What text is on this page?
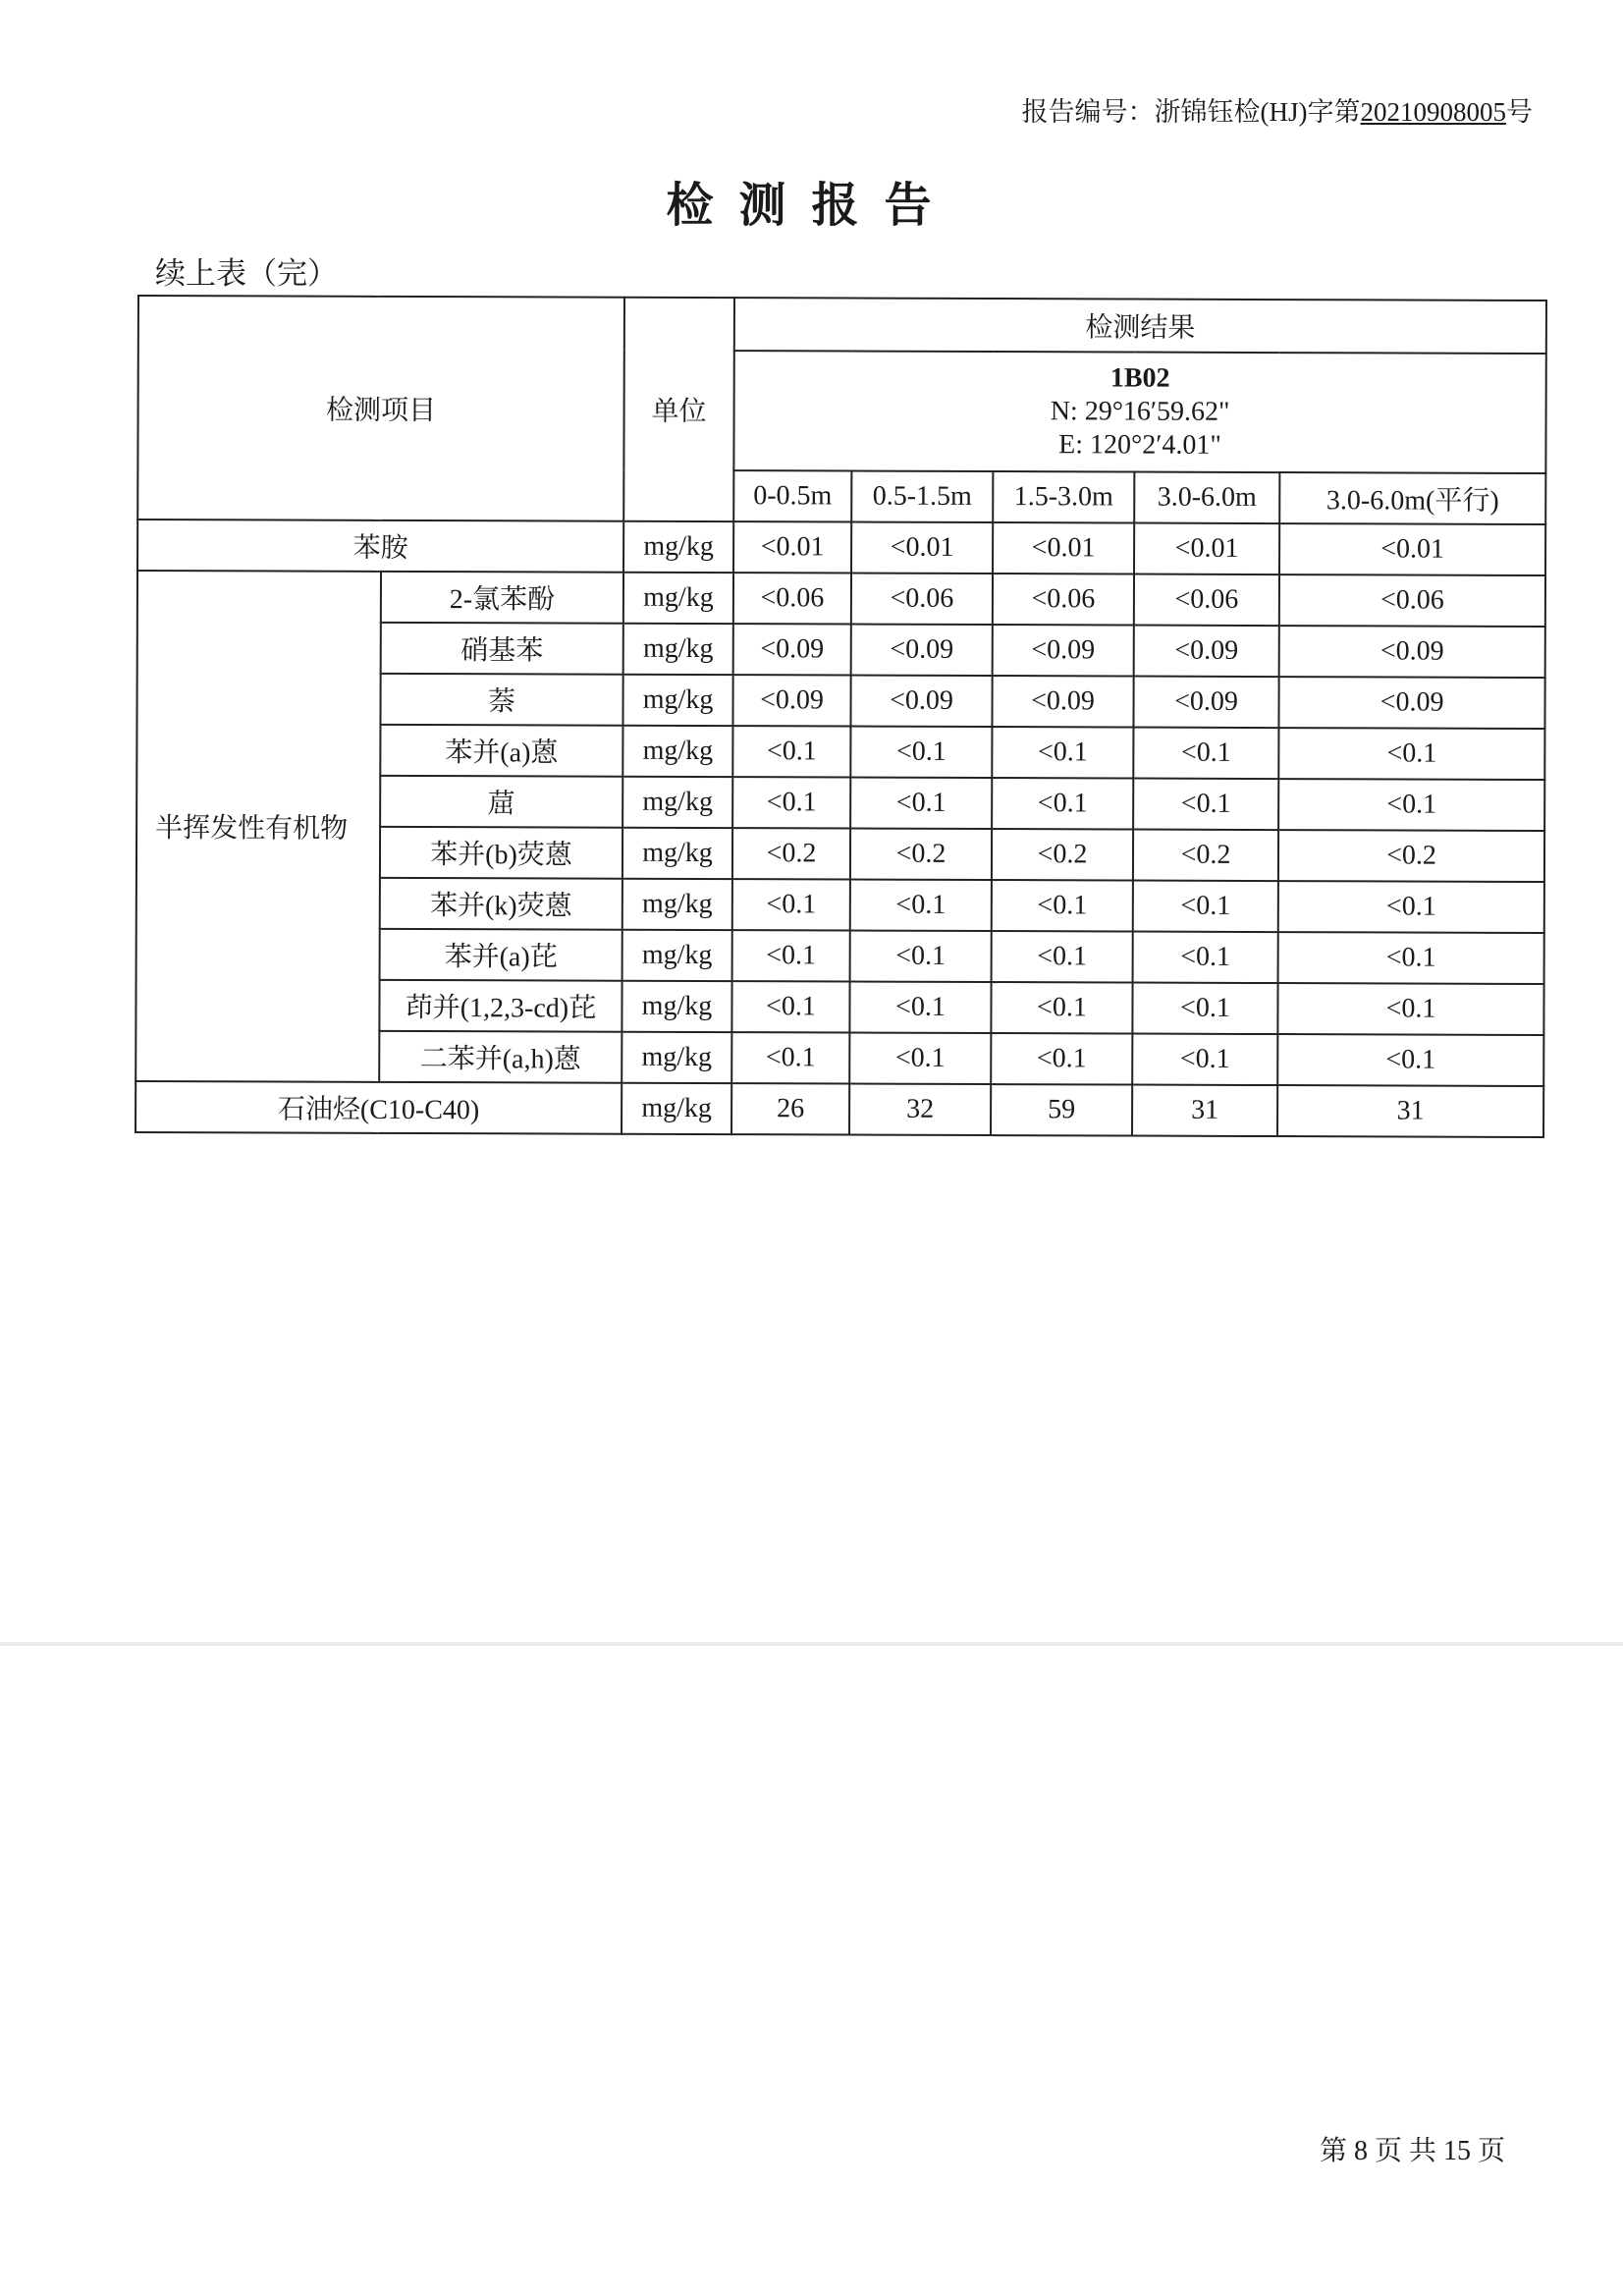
报告编号：浙锦钰检(HJ)字第20210908005号
检测报告
续上表（完）
检测项目		单位	检测结果				

			1B02
N: 29°16′59.62"
E: 120°2′4.01"				

			0-0.5m	0.5-1.5m	1.5-3.0m	3.0-6.0m	3.0-6.0m(平行)
苯胺		mg/kg	<0.01	<0.01	<0.01	<0.01	<0.01
半挥发性有机物	2-氯苯酚	mg/kg	<0.06	<0.06	<0.06	<0.06	<0.06
	硝基苯	mg/kg	<0.09	<0.09	<0.09	<0.09	<0.09
	萘	mg/kg	<0.09	<0.09	<0.09	<0.09	<0.09
	苯并(a)蒽	mg/kg	<0.1	<0.1	<0.1	<0.1	<0.1
	䓛	mg/kg	<0.1	<0.1	<0.1	<0.1	<0.1
	苯并(b)荧蒽	mg/kg	<0.2	<0.2	<0.2	<0.2	<0.2
	苯并(k)荧蒽	mg/kg	<0.1	<0.1	<0.1	<0.1	<0.1
	苯并(a)芘	mg/kg	<0.1	<0.1	<0.1	<0.1	<0.1
	茚并(1,2,3-cd)芘	mg/kg	<0.1	<0.1	<0.1	<0.1	<0.1
	二苯并(a,h)蒽	mg/kg	<0.1	<0.1	<0.1	<0.1	<0.1
石油烃(C10-C40)		mg/kg	26	32	59	31	31
第 8 页 共 15 页
